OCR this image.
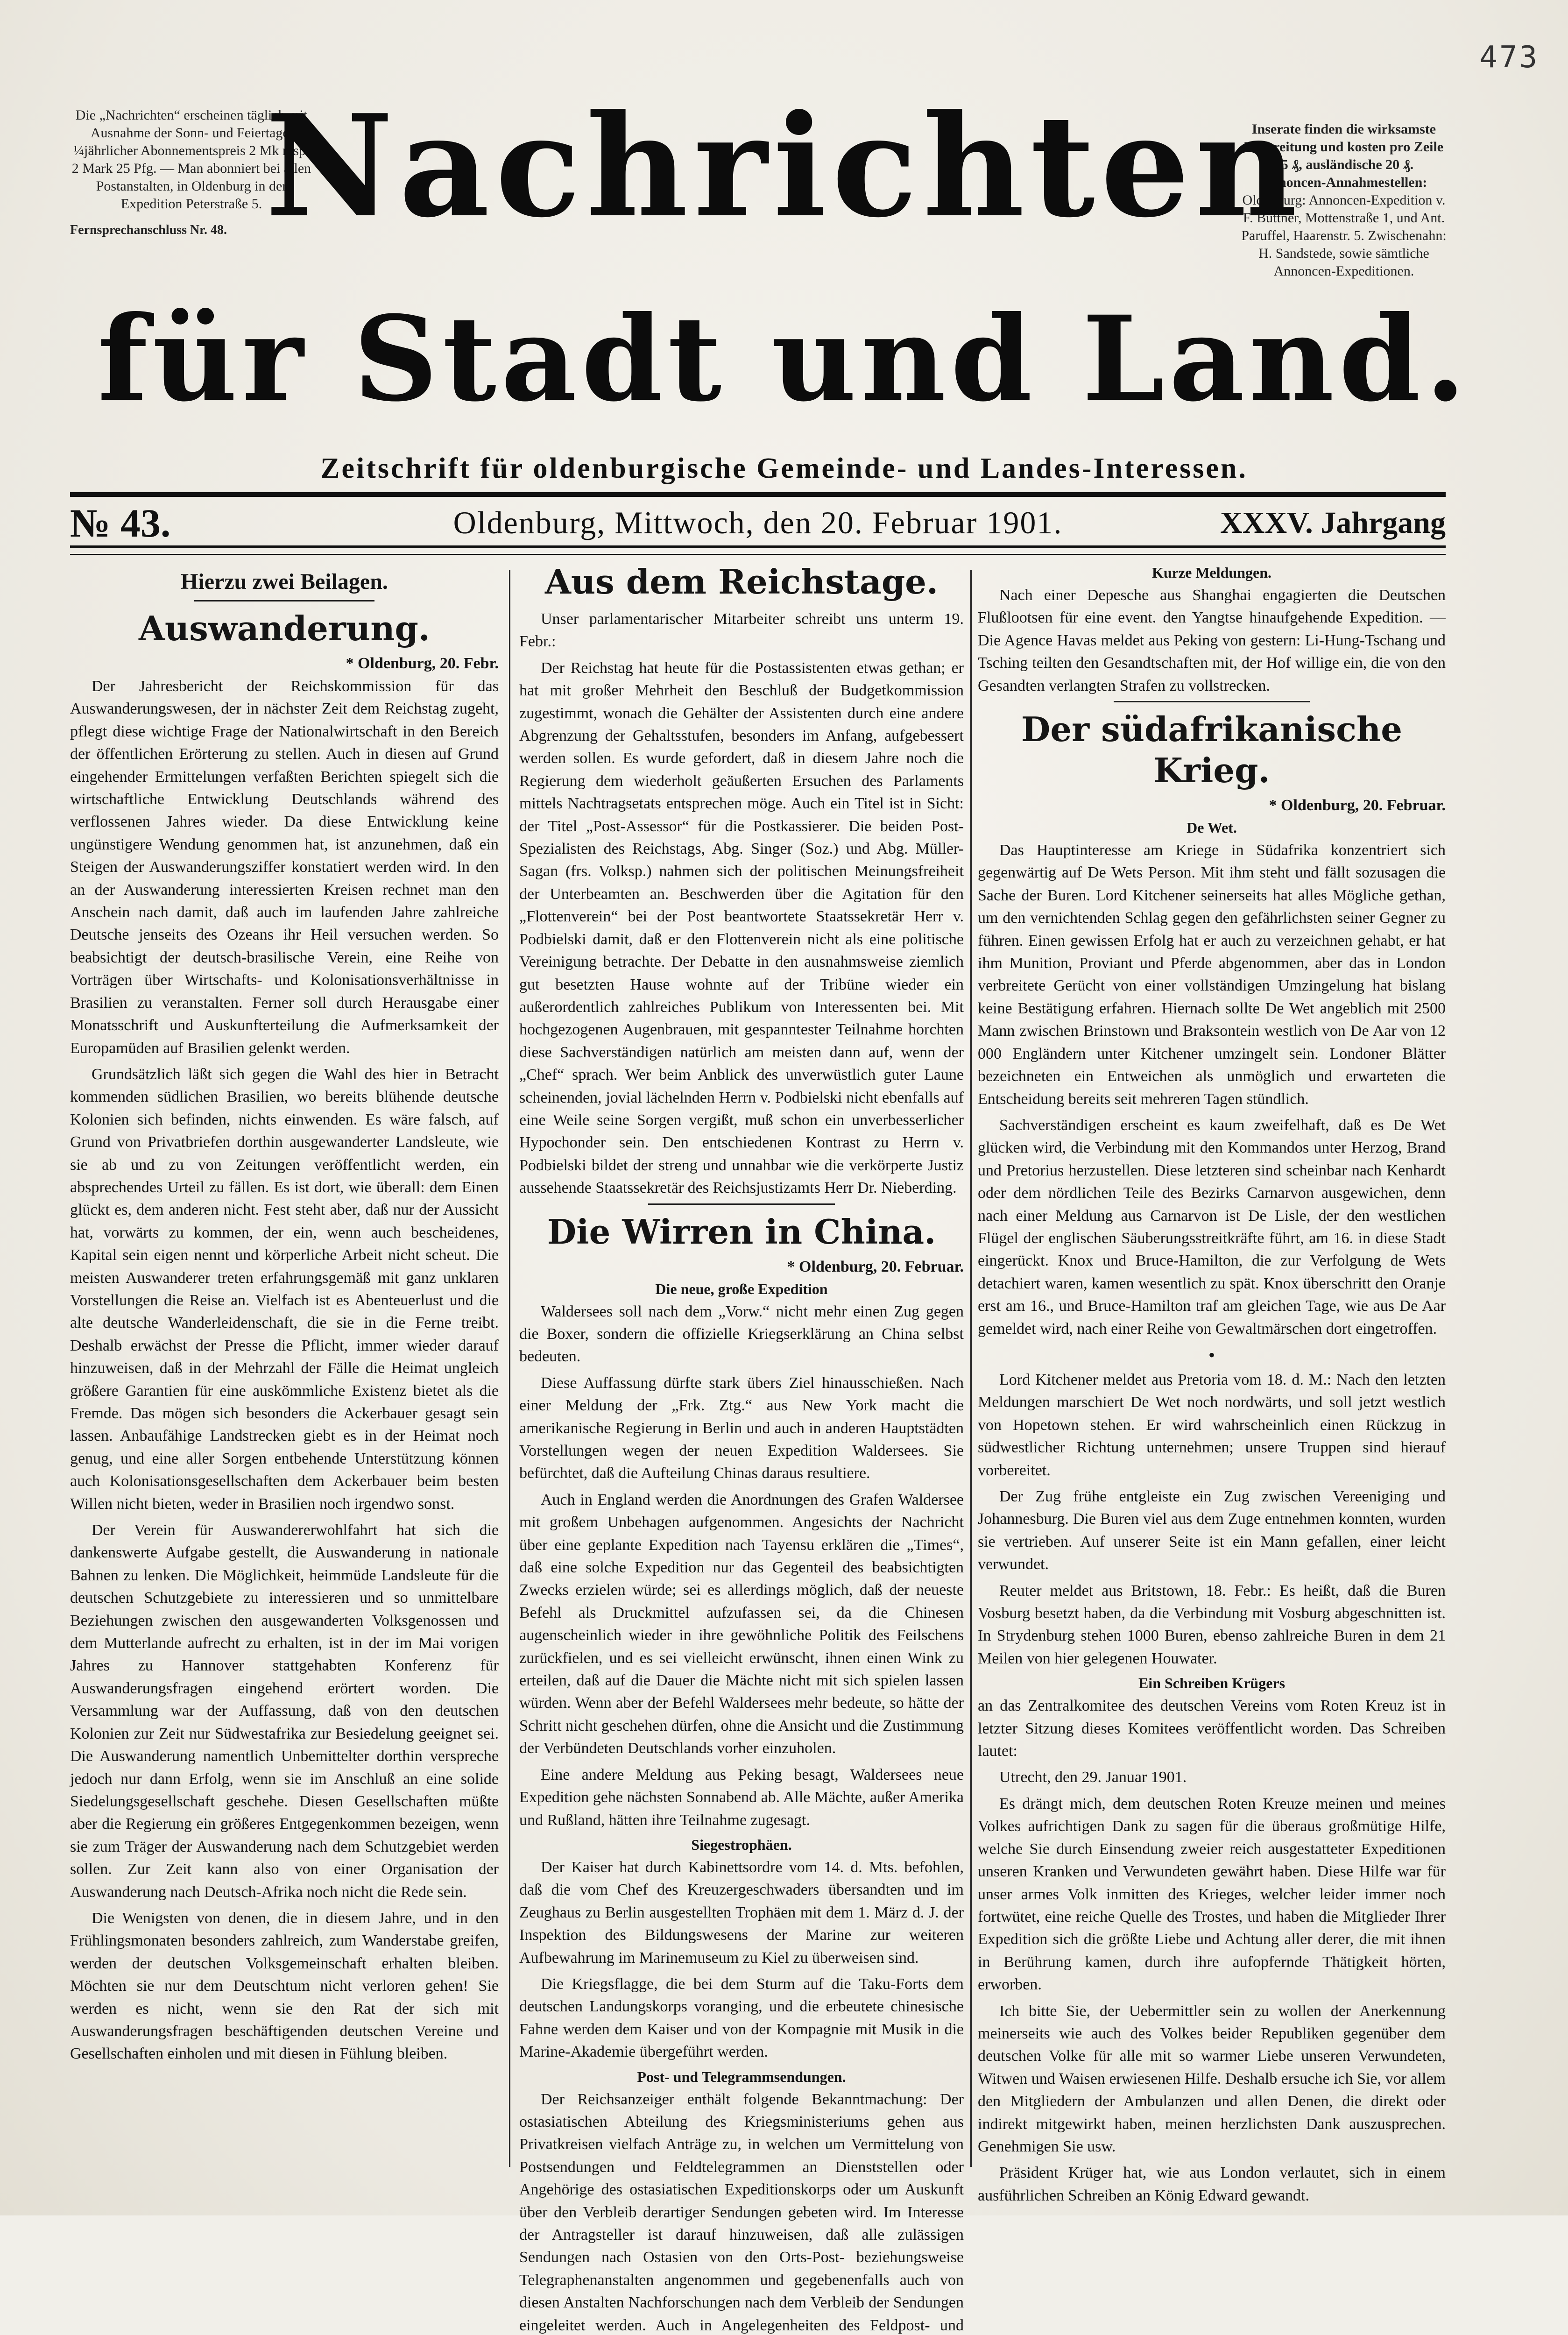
473
Die „Nachrichten“ erscheinen täglich mit Ausnahme der Sonn- und Feiertage. ¼jährlicher Abonnementspreis 2 Mk resp. 2 Mark 25 Pfg. — Man abonniert bei allen Postanstalten, in Oldenburg in der Expedition Peterstraße 5.
Fernsprechanschluss Nr. 48.
Inserate finden die wirksamste Verbreitung und kosten pro Zeile 15 ₰, ausländische 20 ₰.
Annoncen-Annahmestellen:
Oldenburg: Annoncen-Expedition v. F. Büttner, Mottenstraße 1, und Ant. Paruffel, Haarenstr. 5. Zwischenahn: H. Sandstede, sowie sämtliche Annoncen-Expeditionen.
Nachrichten
für Stadt und Land.
Zeitschrift für oldenburgische Gemeinde- und Landes-Interessen.
№ 43.	Oldenburg, Mittwoch, den 20. Februar 1901.	XXXV. Jahrgang
Hierzu zwei Beilagen.
Auswanderung.
* Oldenburg, 20. Febr.

Der Jahresbericht der Reichskommission für das Auswanderungswesen, der in nächster Zeit dem Reichstag zugeht, pflegt diese wichtige Frage der Nationalwirtschaft in den Bereich der öffentlichen Erörterung zu stellen. Auch in diesen auf Grund eingehender Ermittelungen verfaßten Berichten spiegelt sich die wirtschaftliche Entwicklung Deutschlands während des verflossenen Jahres wieder. Da diese Entwicklung keine ungünstigere Wendung genommen hat, ist anzunehmen, daß ein Steigen der Auswanderungsziffer konstatiert werden wird. In den an der Auswanderung interessierten Kreisen rechnet man den Anschein nach damit, daß auch im laufenden Jahre zahlreiche Deutsche jenseits des Ozeans ihr Heil versuchen werden. So beabsichtigt der deutsch-brasilische Verein, eine Reihe von Vorträgen über Wirtschafts- und Kolonisationsverhältnisse in Brasilien zu veranstalten. Ferner soll durch Herausgabe einer Monatsschrift und Auskunfterteilung die Aufmerksamkeit der Europamüden auf Brasilien gelenkt werden.

Grundsätzlich läßt sich gegen die Wahl des hier in Betracht kommenden südlichen Brasilien, wo bereits blühende deutsche Kolonien sich befinden, nichts einwenden. Es wäre falsch, auf Grund von Privatbriefen dorthin ausgewanderter Landsleute, wie sie ab und zu von Zeitungen veröffentlicht werden, ein absprechendes Urteil zu fällen. Es ist dort, wie überall: dem Einen glückt es, dem anderen nicht. Fest steht aber, daß nur der Aussicht hat, vorwärts zu kommen, der ein, wenn auch bescheidenes, Kapital sein eigen nennt und körperliche Arbeit nicht scheut. Die meisten Auswanderer treten erfahrungsgemäß mit ganz unklaren Vorstellungen die Reise an. Vielfach ist es Abenteuerlust und die alte deutsche Wanderleidenschaft, die sie in die Ferne treibt. Deshalb erwächst der Presse die Pflicht, immer wieder darauf hinzuweisen, daß in der Mehrzahl der Fälle die Heimat ungleich größere Garantien für eine auskömmliche Existenz bietet als die Fremde. Das mögen sich besonders die Ackerbauer gesagt sein lassen. Anbaufähige Landstrecken giebt es in der Heimat noch genug, und eine aller Sorgen entbehende Unterstützung können auch Kolonisationsgesellschaften dem Ackerbauer beim besten Willen nicht bieten, weder in Brasilien noch irgendwo sonst.

Der Verein für Auswandererwohlfahrt hat sich die dankenswerte Aufgabe gestellt, die Auswanderung in nationale Bahnen zu lenken. Die Möglichkeit, heimmüde Landsleute für die deutschen Schutzgebiete zu interessieren und so unmittelbare Beziehungen zwischen den ausgewanderten Volksgenossen und dem Mutterlande aufrecht zu erhalten, ist in der im Mai vorigen Jahres zu Hannover stattgehabten Konferenz für Auswanderungsfragen eingehend erörtert worden. Die Versammlung war der Auffassung, daß von den deutschen Kolonien zur Zeit nur Südwestafrika zur Besiedelung geeignet sei. Die Auswanderung namentlich Unbemittelter dorthin verspreche jedoch nur dann Erfolg, wenn sie im Anschluß an eine solide Siedelungsgesellschaft geschehe. Diesen Gesellschaften müßte aber die Regierung ein größeres Entgegenkommen bezeigen, wenn sie zum Träger der Auswanderung nach dem Schutzgebiet werden sollen. Zur Zeit kann also von einer Organisation der Auswanderung nach Deutsch-Afrika noch nicht die Rede sein.

Die Wenigsten von denen, die in diesem Jahre, und in den Frühlingsmonaten besonders zahlreich, zum Wanderstabe greifen, werden der deutschen Volksgemeinschaft erhalten bleiben. Möchten sie nur dem Deutschtum nicht verloren gehen! Sie werden es nicht, wenn sie den Rat der sich mit Auswanderungsfragen beschäftigenden deutschen Vereine und Gesellschaften einholen und mit diesen in Fühlung bleiben.

Aus dem Reichstage.

Unser parlamentarischer Mitarbeiter schreibt uns unterm 19. Febr.:

Der Reichstag hat heute für die Postassistenten etwas gethan; er hat mit großer Mehrheit den Beschluß der Budgetkommission zugestimmt, wonach die Gehälter der Assistenten durch eine andere Abgrenzung der Gehaltsstufen, besonders im Anfang, aufgebessert werden sollen. Es wurde gefordert, daß in diesem Jahre noch die Regierung dem wiederholt geäußerten Ersuchen des Parlaments mittels Nachtragsetats entsprechen möge. Auch ein Titel ist in Sicht: der Titel „Post-Assessor“ für die Postkassierer. Die beiden Post-Spezialisten des Reichstags, Abg. Singer (Soz.) und Abg. Müller-Sagan (frs. Volksp.) nahmen sich der politischen Meinungsfreiheit der Unterbeamten an. Beschwerden über die Agitation für den „Flottenverein“ bei der Post beantwortete Staatssekretär Herr v. Podbielski damit, daß er den Flottenverein nicht als eine politische Vereinigung betrachte. Der Debatte in den ausnahmsweise ziemlich gut besetzten Hause wohnte auf der Tribüne wieder ein außerordentlich zahlreiches Publikum von Interessenten bei. Mit hochgezogenen Augenbrauen, mit gespanntester Teilnahme horchten diese Sachverständigen natürlich am meisten dann auf, wenn der „Chef“ sprach. Wer beim Anblick des unverwüstlich guter Laune scheinenden, jovial lächelnden Herrn v. Podbielski nicht ebenfalls auf eine Weile seine Sorgen vergißt, muß schon ein unverbesserlicher Hypochonder sein. Den entschiedenen Kontrast zu Herrn v. Podbielski bildet der streng und unnahbar wie die verkörperte Justiz aussehende Staatssekretär des Reichsjustizamts Herr Dr. Nieberding.

Die Wirren in China.
* Oldenburg, 20. Februar.
Die neue, große Expedition

Waldersees soll nach dem „Vorw.“ nicht mehr einen Zug gegen die Boxer, sondern die offizielle Kriegserklärung an China selbst bedeuten.

Diese Auffassung dürfte stark übers Ziel hinausschießen. Nach einer Meldung der „Frk. Ztg.“ aus New York macht die amerikanische Regierung in Berlin und auch in anderen Hauptstädten Vorstellungen wegen der neuen Expedition Waldersees. Sie befürchtet, daß die Aufteilung Chinas daraus resultiere.

Auch in England werden die Anordnungen des Grafen Waldersee mit großem Unbehagen aufgenommen. Angesichts der Nachricht über eine geplante Expedition nach Tayensu erklären die „Times“, daß eine solche Expedition nur das Gegenteil des beabsichtigten Zwecks erzielen würde; sei es allerdings möglich, daß der neueste Befehl als Druckmittel aufzufassen sei, da die Chinesen augenscheinlich wieder in ihre gewöhnliche Politik des Feilschens zurückfielen, und es sei vielleicht erwünscht, ihnen einen Wink zu erteilen, daß auf die Dauer die Mächte nicht mit sich spielen lassen würden. Wenn aber der Befehl Waldersees mehr bedeute, so hätte der Schritt nicht geschehen dürfen, ohne die Ansicht und die Zustimmung der Verbündeten Deutschlands vorher einzuholen.

Eine andere Meldung aus Peking besagt, Waldersees neue Expedition gehe nächsten Sonnabend ab. Alle Mächte, außer Amerika und Rußland, hätten ihre Teilnahme zugesagt.

Siegestrophäen.

Der Kaiser hat durch Kabinettsordre vom 14. d. Mts. befohlen, daß die vom Chef des Kreuzergeschwaders übersandten und im Zeughaus zu Berlin ausgestellten Trophäen mit dem 1. März d. J. der Inspektion des Bildungswesens der Marine zur weiteren Aufbewahrung im Marinemuseum zu Kiel zu überweisen sind.

Die Kriegsflagge, die bei dem Sturm auf die Taku-Forts dem deutschen Landungskorps voranging, und die erbeutete chinesische Fahne werden dem Kaiser und von der Kompagnie mit Musik in die Marine-Akademie übergeführt werden.

Post- und Telegrammsendungen.

Der Reichsanzeiger enthält folgende Bekanntmachung: Der ostasiatischen Abteilung des Kriegsministeriums gehen aus Privatkreisen vielfach Anträge zu, in welchen um Vermittelung von Postsendungen und Feldtelegrammen an Dienststellen oder Angehörige des ostasiatischen Expeditionskorps oder um Auskunft über den Verbleib derartiger Sendungen gebeten wird. Im Interesse der Antragsteller ist darauf hinzuweisen, daß alle zulässigen Sendungen nach Ostasien von den Orts-Post- beziehungsweise Telegraphenanstalten angenommen und gegebenenfalls auch von diesen Anstalten Nachforschungen nach dem Verbleib der Sendungen eingeleitet werden. Auch in Angelegenheiten des Feldpost- und

Kurze Meldungen.

Nach einer Depesche aus Shanghai engagierten die Deutschen Flußlootsen für eine event. den Yangtse hinaufgehende Expedition. — Die Agence Havas meldet aus Peking von gestern: Li-Hung-Tschang und Tsching teilten den Gesandtschaften mit, der Hof willige ein, die von den Gesandten verlangten Strafen zu vollstrecken.

Der südafrikanische Krieg.
* Oldenburg, 20. Februar.
De Wet.

Das Hauptinteresse am Kriege in Südafrika konzentriert sich gegenwärtig auf De Wets Person. Mit ihm steht und fällt sozusagen die Sache der Buren. Lord Kitchener seinerseits hat alles Mögliche gethan, um den vernichtenden Schlag gegen den gefährlichsten seiner Gegner zu führen. Einen gewissen Erfolg hat er auch zu verzeichnen gehabt, er hat ihm Munition, Proviant und Pferde abgenommen, aber das in London verbreitete Gerücht von einer vollständigen Umzingelung hat bislang keine Bestätigung erfahren. Hiernach sollte De Wet angeblich mit 2500 Mann zwischen Brinstown und Braksontein westlich von De Aar von 12 000 Engländern unter Kitchener umzingelt sein. Londoner Blätter bezeichneten ein Entweichen als unmöglich und erwarteten die Entscheidung bereits seit mehreren Tagen stündlich.

Sachverständigen erscheint es kaum zweifelhaft, daß es De Wet glücken wird, die Verbindung mit den Kommandos unter Herzog, Brand und Pretorius herzustellen. Diese letzteren sind scheinbar nach Kenhardt oder dem nördlichen Teile des Bezirks Carnarvon ausgewichen, denn nach einer Meldung aus Carnarvon ist De Lisle, der den westlichen Flügel der englischen Säuberungsstreitkräfte führt, am 16. in diese Stadt eingerückt. Knox und Bruce-Hamilton, die zur Verfolgung de Wets detachiert waren, kamen wesentlich zu spät. Knox überschritt den Oranje erst am 16., und Bruce-Hamilton traf am gleichen Tage, wie aus De Aar gemeldet wird, nach einer Reihe von Gewaltmärschen dort eingetroffen.

•

Lord Kitchener meldet aus Pretoria vom 18. d. M.: Nach den letzten Meldungen marschiert De Wet noch nordwärts, und soll jetzt westlich von Hopetown stehen. Er wird wahrscheinlich einen Rückzug in südwestlicher Richtung unternehmen; unsere Truppen sind hierauf vorbereitet.

Der Zug frühe entgleiste ein Zug zwischen Vereeniging und Johannesburg. Die Buren viel aus dem Zuge entnehmen konnten, wurden sie vertrieben. Auf unserer Seite ist ein Mann gefallen, einer leicht verwundet.

Reuter meldet aus Britstown, 18. Febr.: Es heißt, daß die Buren Vosburg besetzt haben, da die Verbindung mit Vosburg abgeschnitten ist. In Strydenburg stehen 1000 Buren, ebenso zahlreiche Buren in dem 21 Meilen von hier gelegenen Houwater.

Ein Schreiben Krügers

an das Zentralkomitee des deutschen Vereins vom Roten Kreuz ist in letzter Sitzung dieses Komitees veröffentlicht worden. Das Schreiben lautet:

Utrecht, den 29. Januar 1901.

Es drängt mich, dem deutschen Roten Kreuze meinen und meines Volkes aufrichtigen Dank zu sagen für die überaus großmütige Hilfe, welche Sie durch Einsendung zweier reich ausgestatteter Expeditionen unseren Kranken und Verwundeten gewährt haben. Diese Hilfe war für unser armes Volk inmitten des Krieges, welcher leider immer noch fortwütet, eine reiche Quelle des Trostes, und haben die Mitglieder Ihrer Expedition sich die größte Liebe und Achtung aller derer, die mit ihnen in Berührung kamen, durch ihre aufopfernde Thätigkeit hörten, erworben.

Ich bitte Sie, der Uebermittler sein zu wollen der Anerkennung meinerseits wie auch des Volkes beider Republiken gegenüber dem deutschen Volke für alle mit so warmer Liebe unseren Verwundeten, Witwen und Waisen erwiesenen Hilfe. Deshalb ersuche ich Sie, vor allem den Mitgliedern der Ambulanzen und allen Denen, die direkt oder indirekt mitgewirkt haben, meinen herzlichsten Dank auszusprechen. Genehmigen Sie usw.

Präsident Krüger hat, wie aus London verlautet, sich in einem ausführlichen Schreiben an König Edward gewandt.
